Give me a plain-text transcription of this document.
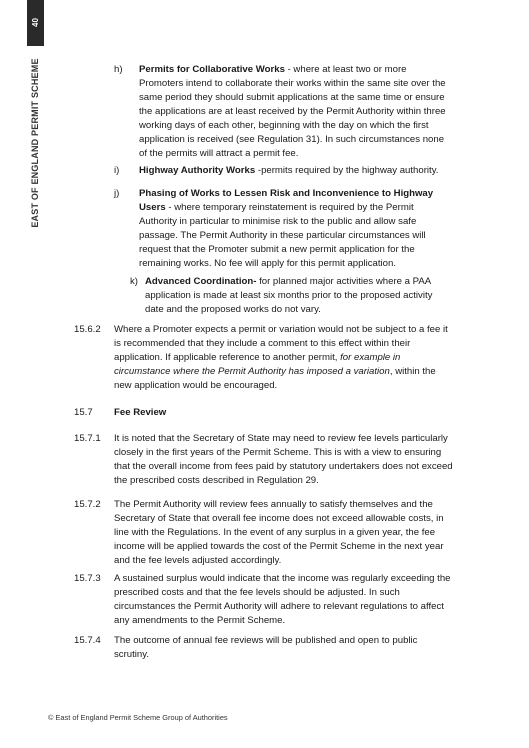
40
EAST OF ENGLAND PERMIT SCHEME	h) Permits for Collaborative Works - where at least two or more Promoters intend to collaborate their works within the same site over the same period they should submit applications at the same time or ensure the applications are at least received by the Permit Authority within three working days of each other, beginning with the day on which the first application is received (see Regulation 31). In such circumstances none of the permits will attract a permit fee.

i) Highway Authority Works -permits required by the highway authority.

j) Phasing of Works to Lessen Risk and Inconvenience to Highway Users - where temporary reinstatement is required by the Permit Authority in particular to minimise risk to the public and allow safe passage. The Permit Authority in these particular circumstances will request that the Promoter submit a new permit application for the remaining works. No fee will apply for this permit application.

k) Advanced Coordination- for planned major activities where a PAA application is made at least six months prior to the proposed activity date and the proposed works do not vary.

15.6.2 Where a Promoter expects a permit or variation would not be subject to a fee it is recommended that they include a comment to this effect within their application. If applicable reference to another permit, for example in circumstance where the Permit Authority has imposed a variation, within the new application would be encouraged.

15.7 Fee Review
15.7.1 It is noted that the Secretary of State may need to review fee levels particularly closely in the first years of the Permit Scheme. This is with a view to ensuring that the overall income from fees paid by statutory undertakers does not exceed the prescribed costs described in Regulation 29.

15.7.2 The Permit Authority will review fees annually to satisfy themselves and the Secretary of State that overall fee income does not exceed allowable costs, in line with the Regulations. In the event of any surplus in a given year, the fee income will be applied towards the cost of the Permit Scheme in the next year and the fee levels adjusted accordingly.

15.7.3 A sustained surplus would indicate that the income was regularly exceeding the prescribed costs and that the fee levels should be adjusted. In such circumstances the Permit Authority will adhere to relevant regulations to affect any amendments to the Permit Scheme.

15.7.4 The outcome of annual fee reviews will be published and open to public scrutiny.

© East of England Permit Scheme Group of Authorities
